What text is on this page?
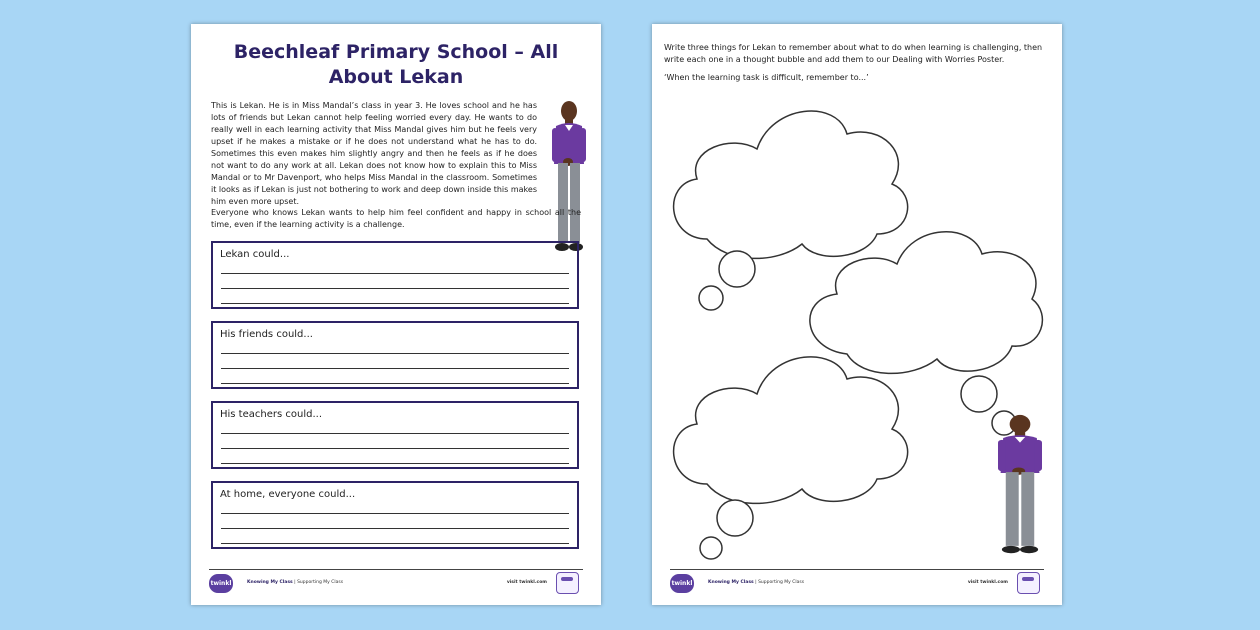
Beechleaf Primary School – All About Lekan
This is Lekan. He is in Miss Mandal’s class in year 3. He loves school and he has lots of friends but Lekan cannot help feeling worried every day. He wants to do really well in each learning activity that Miss Mandal gives him but he feels very upset if he makes a mistake or if he does not understand what he has to do. Sometimes this even makes him slightly angry and then he feels as if he does not want to do any work at all. Lekan does not know how to explain this to Miss Mandal or to Mr Davenport, who helps Miss Mandal in the classroom. Sometimes it looks as if Lekan is just not bothering to work and deep down inside this makes him even more upset.
Everyone who knows Lekan wants to help him feel confident and happy in school all the time, even if the learning activity is a challenge.
Lekan could...
His friends could...
His teachers could...
At home, everyone could...
twinkl	Knowing My Class | Supporting My Class	visit twinkl.com
Write three things for Lekan to remember about what to do when learning is challenging, then write each one in a thought bubble and add them to our Dealing with Worries Poster.
‘When the learning task is difficult, remember to...’
twinkl	Knowing My Class | Supporting My Class	visit twinkl.com
